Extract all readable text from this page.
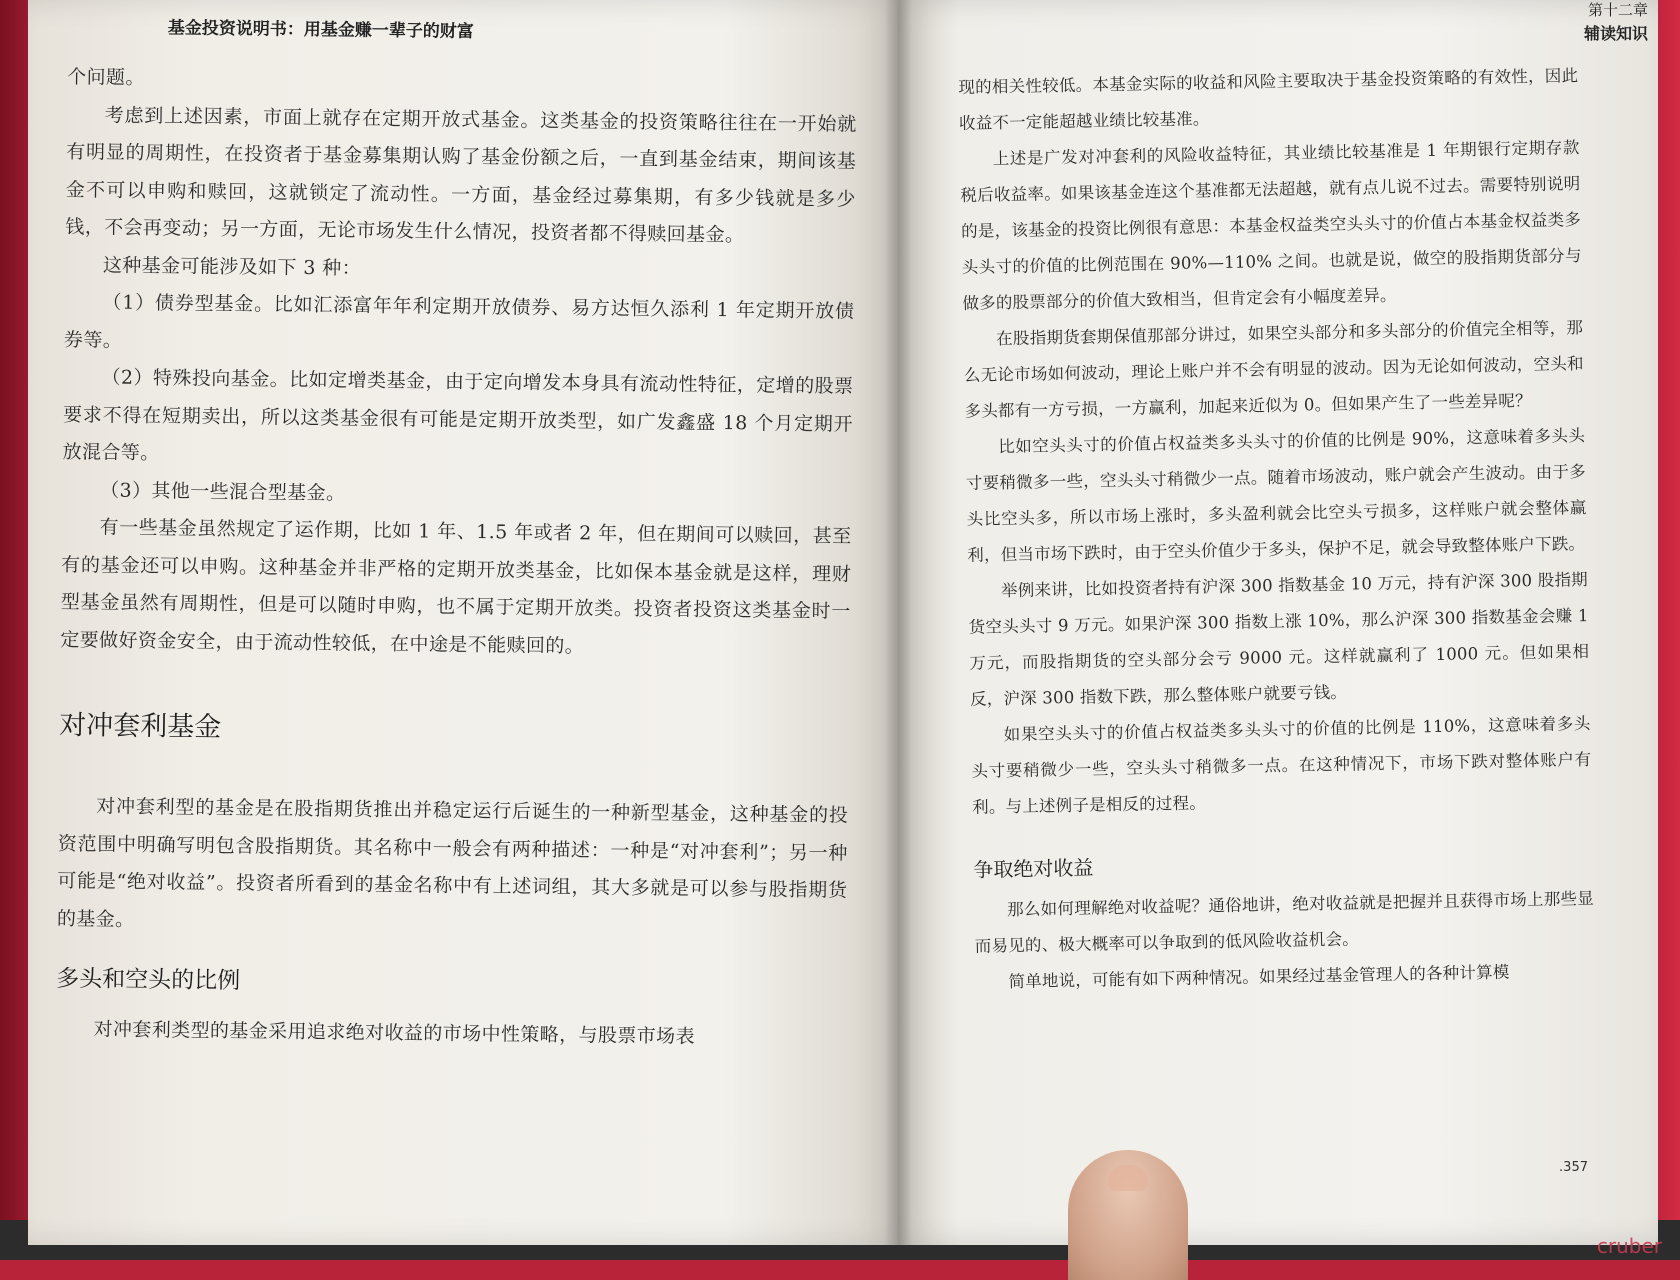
基金投资说明书：用基金赚一辈子的财富

个问题。

考虑到上述因素，市面上就存在定期开放式基金。这类基金的投资策略往往在一开始就有明显的周期性，在投资者于基金募集期认购了基金份额之后，一直到基金结束，期间该基金不可以申购和赎回，这就锁定了流动性。一方面，基金经过募集期，有多少钱就是多少钱，不会再变动；另一方面，无论市场发生什么情况，投资者都不得赎回基金。

这种基金可能涉及如下 3 种：

（1）债券型基金。比如汇添富年年利定期开放债券、易方达恒久添利 1 年定期开放债券等。

（2）特殊投向基金。比如定增类基金，由于定向增发本身具有流动性特征，定增的股票要求不得在短期卖出，所以这类基金很有可能是定期开放类型，如广发鑫盛 18 个月定期开放混合等。

（3）其他一些混合型基金。

有一些基金虽然规定了运作期，比如 1 年、1.5 年或者 2 年，但在期间可以赎回，甚至有的基金还可以申购。这种基金并非严格的定期开放类基金，比如保本基金就是这样，理财型基金虽然有周期性，但是可以随时申购，也不属于定期开放类。投资者投资这类基金时一定要做好资金安全，由于流动性较低，在中途是不能赎回的。

对冲套利基金

对冲套利型的基金是在股指期货推出并稳定运行后诞生的一种新型基金，这种基金的投资范围中明确写明包含股指期货。其名称中一般会有两种描述：一种是“对冲套利”；另一种可能是“绝对收益”。投资者所看到的基金名称中有上述词组，其大多就是可以参与股指期货的基金。

多头和空头的比例

对冲套利类型的基金采用追求绝对收益的市场中性策略，与股票市场表

第十二章
辅读知识

现的相关性较低。本基金实际的收益和风险主要取决于基金投资策略的有效性，因此收益不一定能超越业绩比较基准。

上述是广发对冲套利的风险收益特征，其业绩比较基准是 1 年期银行定期存款税后收益率。如果该基金连这个基准都无法超越，就有点儿说不过去。需要特别说明的是，该基金的投资比例很有意思：本基金权益类空头头寸的价值占本基金权益类多头头寸的价值的比例范围在 90%—110% 之间。也就是说，做空的股指期货部分与做多的股票部分的价值大致相当，但肯定会有小幅度差异。

在股指期货套期保值那部分讲过，如果空头部分和多头部分的价值完全相等，那么无论市场如何波动，理论上账户并不会有明显的波动。因为无论如何波动，空头和多头都有一方亏损，一方赢利，加起来近似为 0。但如果产生了一些差异呢？

比如空头头寸的价值占权益类多头头寸的价值的比例是 90%，这意味着多头头寸要稍微多一些，空头头寸稍微少一点。随着市场波动，账户就会产生波动。由于多头比空头多，所以市场上涨时，多头盈利就会比空头亏损多，这样账户就会整体赢利，但当市场下跌时，由于空头价值少于多头，保护不足，就会导致整体账户下跌。

举例来讲，比如投资者持有沪深 300 指数基金 10 万元，持有沪深 300 股指期货空头头寸 9 万元。如果沪深 300 指数上涨 10%，那么沪深 300 指数基金会赚 1 万元，而股指期货的空头部分会亏 9000 元。这样就赢利了 1000 元。但如果相反，沪深 300 指数下跌，那么整体账户就要亏钱。

如果空头头寸的价值占权益类多头头寸的价值的比例是 110%，这意味着多头头寸要稍微少一些，空头头寸稍微多一点。在这种情况下，市场下跌对整体账户有利。与上述例子是相反的过程。

争取绝对收益

那么如何理解绝对收益呢？通俗地讲，绝对收益就是把握并且获得市场上那些显而易见的、极大概率可以争取到的低风险收益机会。

简单地说，可能有如下两种情况。如果经过基金管理人的各种计算模

.357
cruber
